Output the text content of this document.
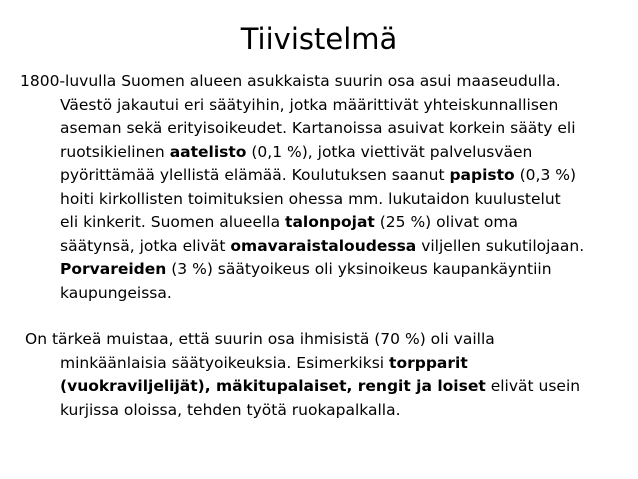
Tiivistelmä
1800-luvulla Suomen alueen asukkaista suurin osa asui maaseudulla.
Väestö jakautui eri säätyihin, jotka määrittivät yhteiskunnallisen
aseman sekä erityisoikeudet. Kartanoissa asuivat korkein sääty eli
ruotsikielinen aatelisto (0,1 %), jotka viettivät palvelusväen
pyörittämää ylellistä elämää. Koulutuksen saanut papisto (0,3 %)
hoiti kirkollisten toimituksien ohessa mm. lukutaidon kuulustelut
eli kinkerit. Suomen alueella talonpojat (25 %) olivat oma
säätynsä, jotka elivät omavaraistaloudessa viljellen sukutilojaan.
Porvareiden (3 %) säätyoikeus oli yksinoikeus kaupankäyntiin
kaupungeissa.
On tärkeä muistaa, että suurin osa ihmisistä (70 %) oli vailla
minkäänlaisia säätyoikeuksia. Esimerkiksi torpparit
(vuokraviljelijät), mäkitupalaiset, rengit ja loiset elivät usein
kurjissa oloissa, tehden työtä ruokapalkalla.
